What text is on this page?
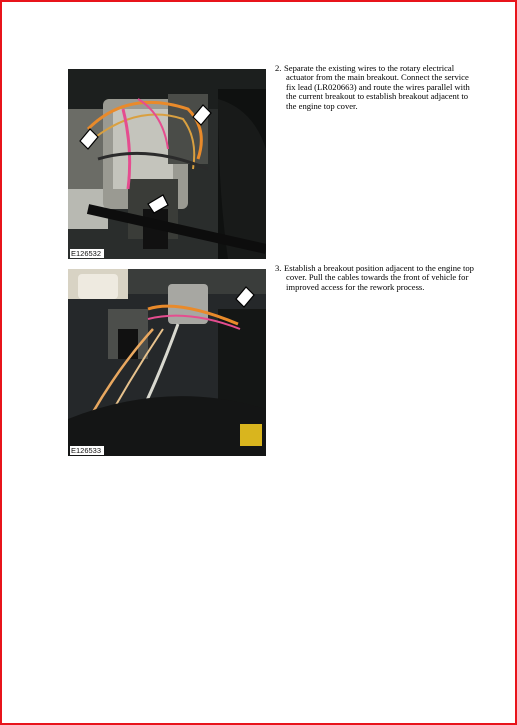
E126532
E126533
2. Separate the existing wires to the rotary electrical actuator from the main breakout. Connect the service fix lead (LR020663) and route the wires parallel with the current breakout to establish breakout adjacent to the engine top cover.
3. Establish a breakout position adjacent to the engine top cover. Pull the cables towards the front of vehicle for improved access for the rework process.
